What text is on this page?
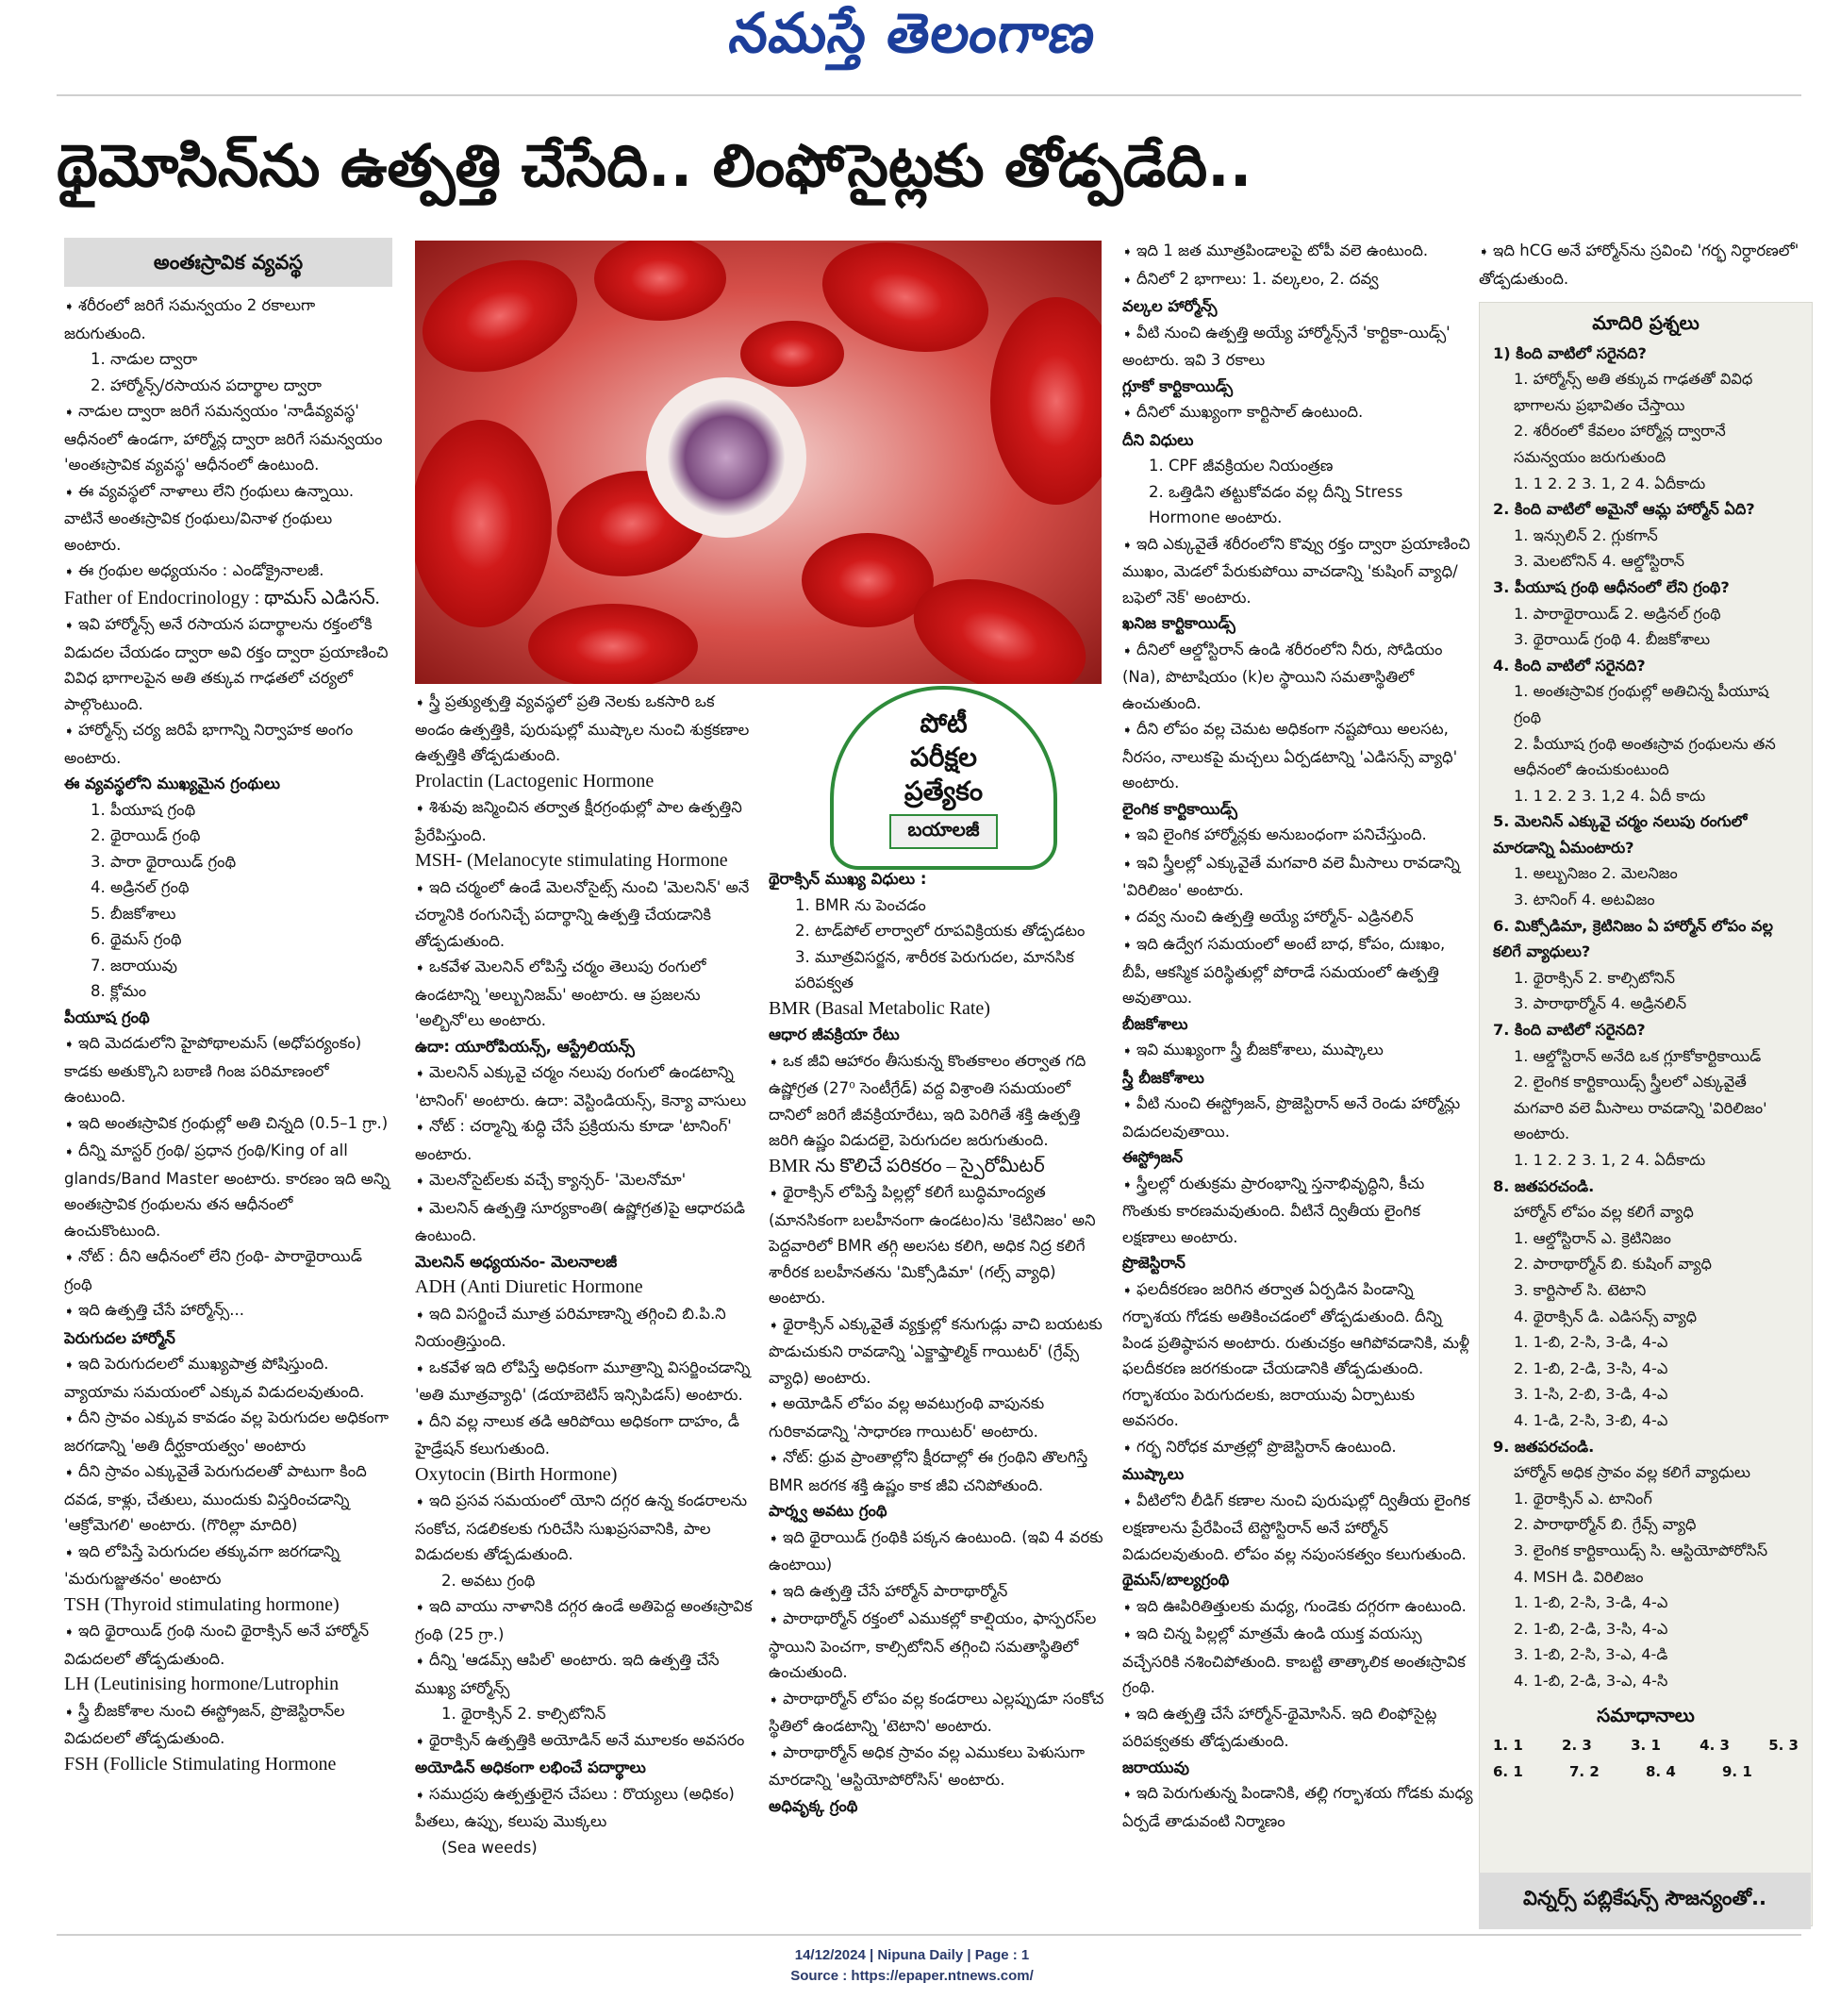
నమస్తే తెలంగాణ
థైమోసిన్‌ను ఉత్పత్తి చేసేది.. లింఫోసైట్లకు తోడ్పడేది..
అంతఃస్రావిక వ్యవస్థ

➧ శరీరంలో జరిగే సమన్వయం 2 రకాలుగా జరుగుతుంది.

1. నాడుల ద్వారా

2. హార్మోన్స్/రసాయన పదార్థాల ద్వారా

➧ నాడుల ద్వారా జరిగే సమన్వయం 'నాడీవ్యవస్థ' ఆధీనంలో ఉండగా, హార్మోన్ల ద్వారా జరిగే సమన్వయం 'అంతఃస్రావిక వ్యవస్థ' ఆధీనంలో ఉంటుంది.

➧ ఈ వ్యవస్థలో నాళాలు లేని గ్రంథులు ఉన్నాయి. వాటినే అంతఃస్రావిక గ్రంథులు/వినాళ గ్రంథులు అంటారు.

➧ ఈ గ్రంథుల అధ్యయనం : ఎండోక్రైనాలజీ.

Father of Endocrinology : థామస్ ఎడిసన్.

➧ ఇవి హార్మోన్స్ అనే రసాయన పదార్థాలను రక్తంలోకి విడుదల చేయడం ద్వారా అవి రక్తం ద్వారా ప్రయాణించి వివిధ భాగాలపైన అతి తక్కువ గాఢతలో చర్యలో పాల్గొంటుంది.

➧ హార్మోన్స్ చర్య జరిపే భాగాన్ని నిర్వాహక అంగం అంటారు.

ఈ వ్యవస్థలోని ముఖ్యమైన గ్రంథులు

1. పీయూష గ్రంథి

2. థైరాయిడ్ గ్రంథి

3. పారా థైరాయిడ్ గ్రంథి

4. అడ్రినల్ గ్రంథి

5. బీజకోశాలు

6. థైమస్ గ్రంథి

7. జరాయువు

8. క్లోమం

పీయూష గ్రంథి

➧ ఇది మెదడులోని హైపోథాలమస్ (అధోపర్యంకం) కాడకు అతుక్కొని బఠాణి గింజ పరిమాణంలో ఉంటుంది.

➧ ఇది అంతఃస్రావిక గ్రంథుల్లో అతి చిన్నది (0.5–1 గ్రా.)

➧ దీన్ని మాస్టర్ గ్రంథి/ ప్రధాన గ్రంథి/King of all glands/Band Master అంటారు. కారణం ఇది అన్ని అంతఃస్రావిక గ్రంథులను తన ఆధీనంలో ఉంచుకొంటుంది.

➧ నోట్ : దీని ఆధీనంలో లేని గ్రంథి- పారాథైరాయిడ్ గ్రంథి

➧ ఇది ఉత్పత్తి చేసే హార్మోన్స్...

పెరుగుదల హార్మోన్

➧ ఇది పెరుగుదలలో ముఖ్యపాత్ర పోషిస్తుంది. వ్యాయామ సమయంలో ఎక్కువ విడుదలవుతుంది.

➧ దీని స్రావం ఎక్కువ కావడం వల్ల పెరుగుదల అధికంగా జరగడాన్ని 'అతి దీర్ఘకాయత్వం' అంటారు

➧ దీని స్రావం ఎక్కువైతే పెరుగుదలతో పాటుగా కింది దవడ, కాళ్లు, చేతులు, ముందుకు విస్తరించడాన్ని 'ఆక్రోమెగలి' అంటారు. (గొరిల్లా మాదిరి)

➧ ఇది లోపిస్తే పెరుగుదల తక్కువగా జరగడాన్ని 'మరుగుజ్జుతనం' అంటారు

TSH (Thyroid stimulating hormone)

➧ ఇది థైరాయిడ్ గ్రంథి నుంచి థైరాక్సిన్ అనే హార్మోన్‌ విడుదలలో తోడ్పడుతుంది.

LH (Leutinising hormone/Lutrophin

➧ స్త్రీ బీజకోశాల నుంచి ఈస్ట్రోజన్, ప్రొజెస్టిరాన్‌ల విడుదలలో తోడ్పడుతుంది.

FSH (Follicle Stimulating Hormone

పోటీ
పరీక్షల
ప్రత్యేకం
బయాలజీ

➧ స్త్రీ ప్రత్యుత్పత్తి వ్యవస్థలో ప్రతి నెలకు ఒకసారి ఒక అండం ఉత్పత్తికి, పురుషుల్లో ముష్కాల నుంచి శుక్రకణాల ఉత్పత్తికి తోడ్పడుతుంది.

Prolactin (Lactogenic Hormone

➧ శిశువు జన్మించిన తర్వాత క్షీరగ్రంథుల్లో పాల ఉత్పత్తిని ప్రేరేపిస్తుంది.

MSH- (Melanocyte stimulating Hormone

➧ ఇది చర్మంలో ఉండే మెలనోసైట్స్ నుంచి 'మెలనిన్' అనే చర్మానికి రంగునిచ్చే పదార్థాన్ని ఉత్పత్తి చేయడానికి తోడ్పడుతుంది.

➧ ఒకవేళ మెలనిన్ లోపిస్తే చర్మం తెలుపు రంగులో ఉండటాన్ని 'అల్బునిజమ్' అంటారు. ఆ ప్రజలను 'అల్బినో'లు అంటారు.

ఉదా: యూరోపియన్స్, ఆస్ట్రేలియన్స్

➧ మెలనిన్ ఎక్కువై చర్మం నలుపు రంగులో ఉండటాన్ని 'టానింగ్' అంటారు. ఉదా: వెస్టిండియన్స్, కెన్యా వాసులు

➧ నోట్ : చర్మాన్ని శుద్ధి చేసే ప్రక్రియను కూడా 'టానింగ్' అంటారు.

➧ మెలనోసైట్‌లకు వచ్చే క్యాన్సర్- 'మెలనోమా'

➧ మెలనిన్ ఉత్పత్తి సూర్యకాంతి( ఉష్ణోగ్రత)పై ఆధారపడి ఉంటుంది.

మెలనిన్ అధ్యయనం- మెలనాలజీ

ADH (Anti Diuretic Hormone

➧ ఇది విసర్జించే మూత్ర పరిమాణాన్ని తగ్గించి బి.పి.ని నియంత్రిస్తుంది.

➧ ఒకవేళ ఇది లోపిస్తే అధికంగా మూత్రాన్ని విసర్జించడాన్ని 'అతి మూత్రవ్యాధి' (డయాబెటిస్ ఇన్సిపిడస్) అంటారు.

➧ దీని వల్ల నాలుక తడి ఆరిపోయి అధికంగా దాహం, డీ హైడ్రేషన్ కలుగుతుంది.

Oxytocin (Birth Hormone)

➧ ఇది ప్రసవ సమయంలో యోని దగ్గర ఉన్న కండరాలను సంకోచ, సడలికలకు గురిచేసి సుఖప్రసవానికి, పాల విడుదలకు తోడ్పడుతుంది.

2. అవటు గ్రంథి

➧ ఇది వాయు నాళానికి దగ్గర ఉండే అతిపెద్ద అంతఃస్రావిక గ్రంథి (25 గ్రా.)

➧ దీన్ని 'ఆడమ్స్ ఆపిల్' అంటారు. ఇది ఉత్పత్తి చేసే ముఖ్య హార్మోన్స్

1. థైరాక్సిన్ 2. కాల్సిటోనిన్

➧ థైరాక్సిన్ ఉత్పత్తికి అయోడిన్ అనే మూలకం అవసరం

అయోడిన్ అధికంగా లభించే పదార్థాలు

➧ సముద్రపు ఉత్పత్తులైన చేపలు : రొయ్యలు (అధికం) పీతలు, ఉప్పు, కలుపు మొక్కలు

(Sea weeds)

థైరాక్సిన్ ముఖ్య విధులు :

1. BMR ను పెంచడం

2. టాడ్‌పోల్ లార్వాలో రూపవిక్రియకు తోడ్పడటం

3. మూత్రవిసర్జన, శారీరక పెరుగుదల, మానసిక పరిపక్వత

BMR (Basal Metabolic Rate)

ఆధార జీవక్రియా రేటు

➧ ఒక జీవి ఆహారం తీసుకున్న కొంతకాలం తర్వాత గది ఉష్ణోగ్రత (27⁰ సెంటీగ్రేడ్) వద్ద విశ్రాంతి సమయంలో దానిలో జరిగే జీవక్రియారేటు, ఇది పెరిగితే శక్తి ఉత్పత్తి జరిగి ఉష్ణం విడుదలై, పెరుగుదల జరుగుతుంది.

BMR ను కొలిచే పరికరం – స్పైరోమీటర్

➧ థైరాక్సిన్ లోపిస్తే పిల్లల్లో కలిగే బుద్ధిమాంద్యత (మానసికంగా బలహీనంగా ఉండటం)ను 'కెటినిజం' అని పెద్దవారిలో BMR తగ్గి అలసట కలిగి, అధిక నిద్ర కలిగే శారీరక బలహీనతను 'మిక్సోడిమా' (గల్స్ వ్యాధి) అంటారు.

➧ థైరాక్సిన్ ఎక్కువైతే వ్యక్తుల్లో కనుగుడ్లు వాచి బయటకు పొడుచుకుని రావడాన్ని 'ఎక్జాఫ్తాల్మిక్ గాయిటర్' (గ్రేవ్స్ వ్యాధి) అంటారు.

➧ అయోడిన్ లోపం వల్ల అవటుగ్రంథి వాపునకు గురికావడాన్ని 'సాధారణ గాయిటర్' అంటారు.

➧ నోట్: ధ్రువ ప్రాంతాల్లోని క్షీరదాల్లో ఈ గ్రంథిని తొలగిస్తే BMR జరగక శక్తి ఉష్ణం కాక జీవి చనిపోతుంది.

పార్శ్వ అవటు గ్రంథి

➧ ఇది థైరాయిడ్ గ్రంథికి పక్కన ఉంటుంది. (ఇవి 4 వరకు ఉంటాయి)

➧ ఇది ఉత్పత్తి చేసే హార్మోన్ పారాథార్మోన్

➧ పారాథార్మోన్ రక్తంలో ఎముకల్లో కాల్షియం, ఫాస్పరస్‌ల స్థాయిని పెంచగా, కాల్సిటోనిన్ తగ్గించి సమతాస్థితిలో ఉంచుతుంది.

➧ పారాథార్మోన్ లోపం వల్ల కండరాలు ఎల్లప్పుడూ సంకోచ స్థితిలో ఉండటాన్ని 'టెటాని' అంటారు.

➧ పారాథార్మోన్ అధిక స్రావం వల్ల ఎముకలు పెళుసుగా మారడాన్ని 'ఆస్టియోపోరోసిస్' అంటారు.

అధివృక్క గ్రంథి

➧ ఇది 1 జత మూత్రపిండాలపై టోపీ వలె ఉంటుంది.

➧ దీనిలో 2 భాగాలు: 1. వల్కలం, 2. దవ్వ

వల్కల హార్మోన్స్

➧ వీటి నుంచి ఉత్పత్తి అయ్యే హార్మోన్స్‌నే 'కార్టికా-యిడ్స్' అంటారు. ఇవి 3 రకాలు

గ్లూకో కార్టికాయిడ్స్

➧ దీనిలో ముఖ్యంగా కార్టిసాల్ ఉంటుంది.

దీని విధులు

1. CPF జీవక్రియల నియంత్రణ

2. ఒత్తిడిని తట్టుకోవడం వల్ల దీన్ని Stress Hormone అంటారు.

➧ ఇది ఎక్కువైతే శరీరంలోని కొవ్వు రక్తం ద్వారా ప్రయాణించి ముఖం, మెడలో పేరుకుపోయి వాచడాన్ని 'కుషింగ్ వ్యాధి/బఫెలో నెక్' అంటారు.

ఖనిజ కార్టికాయిడ్స్

➧ దీనిలో ఆల్డోస్టిరాన్ ఉండి శరీరంలోని నీరు, సోడియం (Na), పొటాషియం (k)ల స్థాయిని సమతాస్థితిలో ఉంచుతుంది.

➧ దీని లోపం వల్ల చెమట అధికంగా నష్టపోయి అలసట, నీరసం, నాలుకపై మచ్చలు ఏర్పడటాన్ని 'ఎడిసన్స్ వ్యాధి' అంటారు.

లైంగిక కార్టికాయిడ్స్

➧ ఇవి లైంగిక హార్మోన్లకు అనుబంధంగా పనిచేస్తుంది.

➧ ఇవి స్త్రీలల్లో ఎక్కువైతే మగవారి వలె మీసాలు రావడాన్ని 'విరిలిజం' అంటారు.

➧ దవ్వ నుంచి ఉత్పత్తి అయ్యే హార్మోన్- ఎడ్రినలిన్

➧ ఇది ఉద్వేగ సమయంలో అంటే బాధ, కోపం, దుఃఖం, బీపీ, ఆకస్మిక పరిస్థితుల్లో పోరాడే సమయంలో ఉత్పత్తి అవుతాయి.

బీజకోశాలు

➧ ఇవి ముఖ్యంగా స్త్రీ బీజకోశాలు, ముష్కాలు

స్త్రీ బీజకోశాలు

➧ వీటి నుంచి ఈస్ట్రోజన్, ప్రొజెస్టిరాన్ అనే రెండు హార్మోన్లు విడుదలవుతాయి.

ఈస్ట్రోజన్

➧ స్త్రీలల్లో రుతుక్రమ ప్రారంభాన్ని స్తనాభివృద్ధిని, కీచు గొంతుకు కారణమవుతుంది. వీటినే ద్వితీయ లైంగిక లక్షణాలు అంటారు.

ప్రొజెస్టిరాన్

➧ ఫలదీకరణం జరిగిన తర్వాత ఏర్పడిన పిండాన్ని గర్భాశయ గోడకు అతికించడంలో తోడ్పడుతుంది. దీన్ని పిండ ప్రతిష్ఠాపన అంటారు. రుతుచక్రం ఆగిపోవడానికి, మళ్లీ ఫలదీకరణ జరగకుండా చేయడానికి తోడ్పడుతుంది. గర్భాశయం పెరుగుదలకు, జరాయువు ఏర్పాటుకు అవసరం.

➧ గర్భ నిరోధక మాత్రల్లో ప్రొజెస్టిరాన్ ఉంటుంది.

ముష్కాలు

➧ వీటిలోని లీడిగ్ కణాల నుంచి పురుషుల్లో ద్వితీయ లైంగిక లక్షణాలను ప్రేరేపించే టెస్టోస్టిరాన్ అనే హార్మోన్ విడుదలవుతుంది. లోపం వల్ల నపుంసకత్వం కలుగుతుంది.

థైమస్/బాల్యగ్రంథి

➧ ఇది ఊపిరితిత్తులకు మధ్య, గుండెకు దగ్గరగా ఉంటుంది.

➧ ఇది చిన్న పిల్లల్లో మాత్రమే ఉండి యుక్త వయస్సు వచ్చేసరికి నశించిపోతుంది. కాబట్టి తాత్కాలిక అంతఃస్రావిక గ్రంథి.

➧ ఇది ఉత్పత్తి చేసే హార్మోన్-థైమోసిన్. ఇది లింఫోసైట్ల పరిపక్వతకు తోడ్పడుతుంది.

జరాయువు

➧ ఇది పెరుగుతున్న పిండానికి, తల్లి గర్భాశయ గోడకు మధ్య ఏర్పడే తాడువంటి నిర్మాణం

➧ ఇది hCG అనే హార్మోన్‌ను స్రవించి 'గర్భ నిర్ధారణలో' తోడ్పడుతుంది.

మాదిరి ప్రశ్నలు
1) కింది వాటిలో సరైనది?
1. హార్మోన్స్ అతి తక్కువ గాఢతతో వివిధ భాగాలను ప్రభావితం చేస్తాయి
2. శరీరంలో కేవలం హార్మోన్ల ద్వారానే సమన్వయం జరుగుతుంది
1. 1 2. 2 3. 1, 2 4. ఏదీకాదు
2. కింది వాటిలో అమైనో ఆమ్ల హార్మోన్ ఏది?
1. ఇన్సులిన్ 2. గ్లుకగాన్
3. మెలటోనిన్ 4. ఆల్డోస్టిరాన్
3. పీయూష గ్రంథి ఆధీనంలో లేని గ్రంథి?
1. పారాథైరాయిడ్ 2. అడ్రినల్ గ్రంథి
3. థైరాయిడ్ గ్రంథి 4. బీజకోశాలు
4. కింది వాటిలో సరైనది?
1. అంతఃస్రావిక గ్రంథుల్లో అతిచిన్న పీయూష గ్రంథి
2. పీయూష గ్రంథి అంతఃస్రావ గ్రంథులను తన ఆధీనంలో ఉంచుకుంటుంది
1. 1 2. 2 3. 1,2 4. ఏదీ కాదు
5. మెలనిన్ ఎక్కువై చర్మం నలుపు రంగులో మారడాన్ని ఏమంటారు?
1. అల్బునిజం 2. మెలనిజం
3. టానింగ్ 4. అటవిజం
6. మిక్సోడిమా, క్రెటినిజం ఏ హార్మోన్ లోపం వల్ల కలిగే వ్యాధులు?
1. థైరాక్సిన్ 2. కాల్సిటోనిన్
3. పారాథార్మోన్ 4. అడ్రినలిన్
7. కింది వాటిలో సరైనది?
1. ఆల్డోస్టిరాన్ అనేది ఒక గ్లూకోకార్టికాయిడ్
2. లైంగిక కార్టికాయిడ్స్ స్త్రీలలో ఎక్కువైతే మగవారి వలె మీసాలు రావడాన్ని 'విరిలిజం' అంటారు.
1. 1 2. 2 3. 1, 2 4. ఏదీకాదు
8. జతపరచండి.
హార్మోన్ లోపం వల్ల కలిగే వ్యాధి
1. ఆల్డోస్టిరాన్ ఎ. క్రెటినిజం
2. పారాథార్మోన్ బి. కుషింగ్ వ్యాధి
3. కార్టిసాల్ సి. టెటాని
4. థైరాక్సిన్ డి. ఎడిసన్స్ వ్యాధి
1. 1-బి, 2-సి, 3-డి, 4-ఎ
2. 1-బి, 2-డి, 3-సి, 4-ఎ
3. 1-సి, 2-బి, 3-డి, 4-ఎ
4. 1-డి, 2-సి, 3-బి, 4-ఎ
9. జతపరచండి.
హార్మోన్ అధిక స్రావం వల్ల కలిగే వ్యాధులు
1. థైరాక్సిన్ ఎ. టానింగ్
2. పారాథార్మోన్ బి. గ్రేవ్స్ వ్యాధి
3. లైంగిక కార్టికాయిడ్స్ సి. ఆస్టియోపోరోసిస్
4. MSH డి. విరిలిజం
1. 1-బి, 2-సి, 3-డి, 4-ఎ
2. 1-బి, 2-డి, 3-సి, 4-ఎ
3. 1-బి, 2-సి, 3-ఎ, 4-డి
4. 1-బి, 2-డి, 3-ఎ, 4-సి
సమాధానాలు
1. 1	2. 3	3. 1	4. 3	5. 3
6. 1	7. 2	8. 4	9. 1
విన్నర్స్ పబ్లికేషన్స్ సౌజన్యంతో..
14/12/2024 | Nipuna Daily | Page : 1
Source : https://epaper.ntnews.com/
